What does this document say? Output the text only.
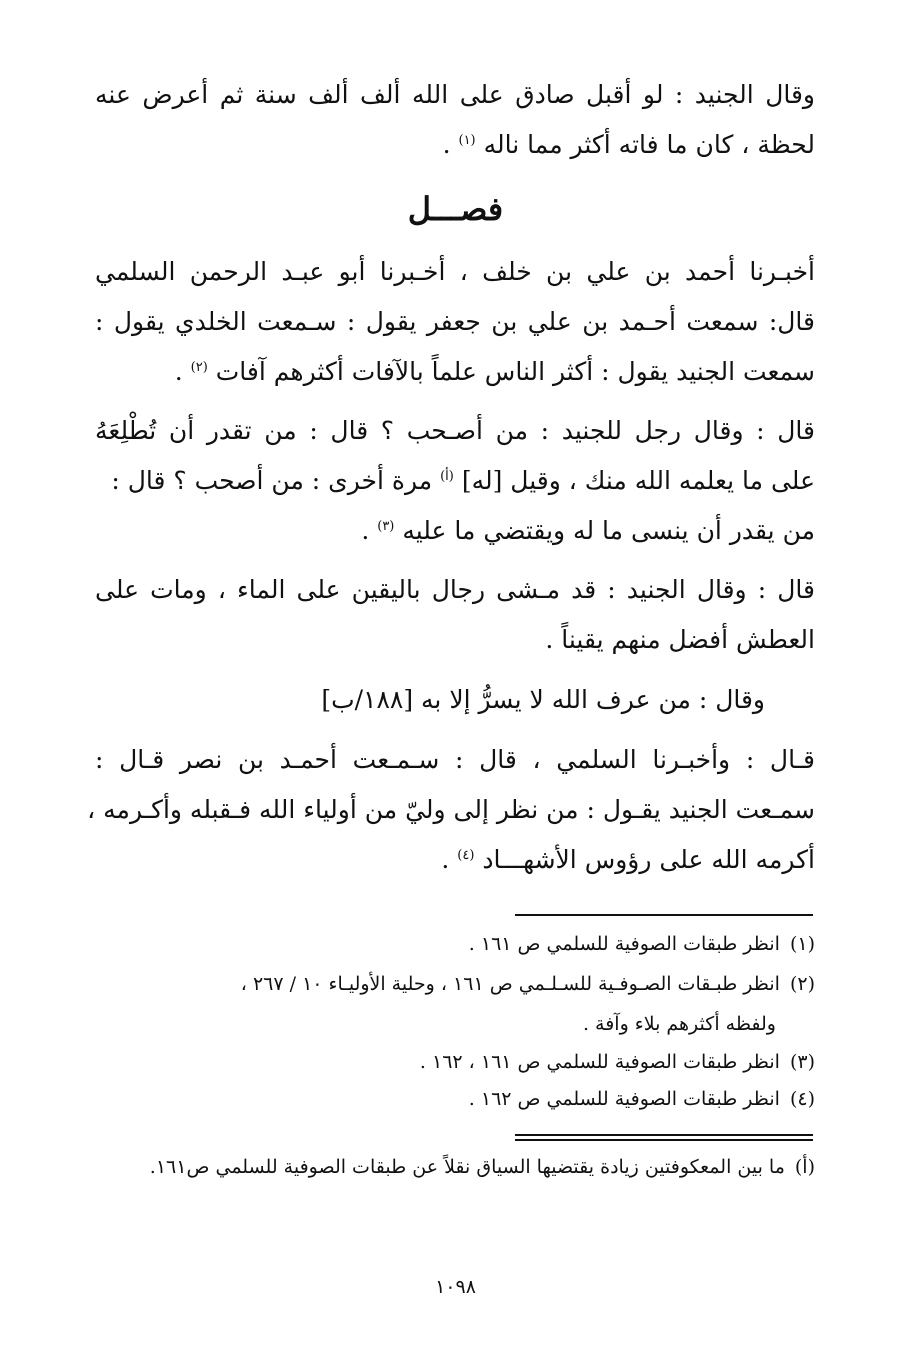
وقال الجنيد : لو أقبل صادق على الله ألف ألف سنة ثم أعرض عنه
لحظة ، كان ما فاته أكثر مما ناله $^{(١)}$ .
فصـــل
أخبـرنا أحمد بن علي بن خلف ، أخـبرنا أبو عبـد الرحمن السلمي
قال: سمعت أحـمد بن علي بن جعفر يقول : سـمعت الخلدي يقول :
سمعت الجنيد يقول : أكثر الناس علماً بالآفات أكثرهم آفات $^{(٢)}$ .
قال : وقال رجل للجنيد : من أصـحب ؟ قال : من تقدر أن تُطْلِعَهُ
على ما يعلمه الله منك ، وقيل [له] $^{(أ)}$ مرة أخرى : من أصحب ؟ قال :
من يقدر أن ينسى ما له ويقتضي ما عليه $^{(٣)}$ .
قال : وقال الجنيد : قد مـشى رجال باليقين على الماء ، ومات على
العطش أفضل منهم يقيناً .
وقال : من عرف الله لا يسرُّ إلا به [١٨٨/ب]
قـال : وأخبـرنا السلمي ، قال : سـمـعت أحمـد بن نصر قـال :
سمـعت الجنيد يقـول : من نظر إلى وليّ من أولياء الله فـقبله وأكـرمه ،
أكرمه الله على رؤوس الأشهـــاد $^{(٤)}$ .
(١)انظر طبقات الصوفية للسلمي ص ١٦١ .
(٢)انظر طبـقات الصـوفـية للسـلـمي ص ١٦١ ، وحلية الأوليـاء ١٠ / ٢٦٧ ،
ولفظه أكثرهم بلاء وآفة .
(٣)انظر طبقات الصوفية للسلمي ص ١٦١ ، ١٦٢ .
(٤)انظر طبقات الصوفية للسلمي ص ١٦٢ .
(أ)ما بين المعكوفتين زيادة يقتضيها السياق نقلاً عن طبقات الصوفية للسلمي ص١٦١.
١٠٩٨
